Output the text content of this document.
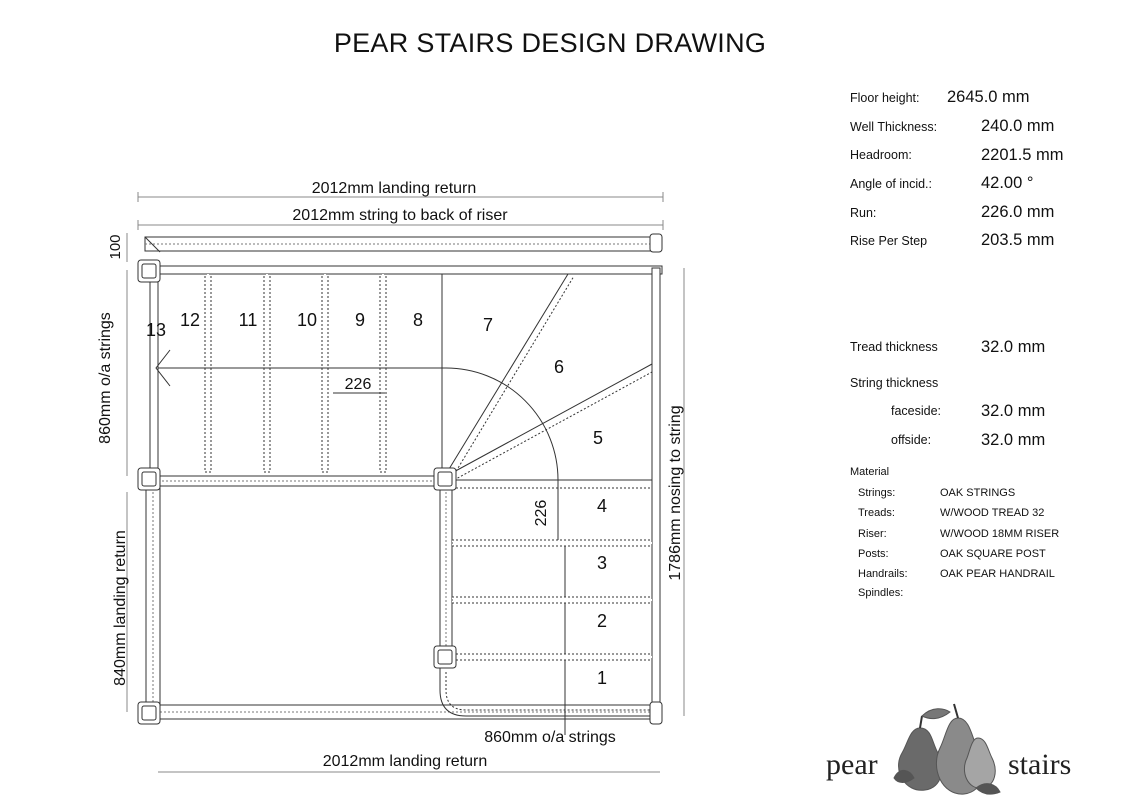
PEAR STAIRS DESIGN DRAWING
2012mm landing return
2012mm string to back of riser
100
860mm o/a strings
840mm landing return
1786mm nosing to string
860mm o/a strings
2012mm landing return
226
226
1
2
3
4
5
6
7
8
9
10
11
12
13
Floor height: 2645.0 mm
Well Thickness:	240.0 mm
Headroom:	2201.5 mm
Angle of incid.:	42.00 °
Run:	226.0 mm
Rise Per Step	203.5 mm
Tread thickness	32.0 mm
String thickness
faceside: 32.0 mm
offside:	32.0 mm
Material
Strings:	OAK STRINGS
Treads:	W/WOOD TREAD 32
Riser:	W/WOOD 18MM RISER
Posts:	OAK SQUARE POST
Handrails:	OAK PEAR HANDRAIL
Spindles:
pear	stairs
